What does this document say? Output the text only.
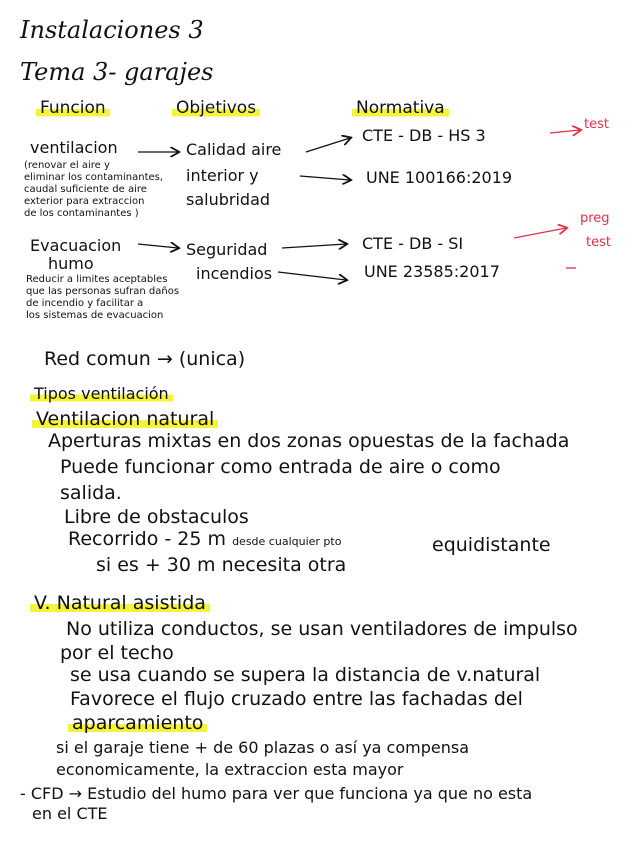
Instalaciones 3
Tema 3- garajes
Funcion	Objetivos	Normativa
ventilacion
(renovar el aire y
eliminar los contaminantes,
caudal suficiente de aire
exterior para extraccion
de los contaminantes )
Calidad aire
interior y
salubridad
CTE - DB - HS 3
UNE 100166:2019
test
Evacuacion
humo
Reducir a limites aceptables
que las personas sufran daños
de incendio y facilitar a
los sistemas de evacuacion
Seguridad
incendios
CTE - DB - SI
UNE 23585:2017
preg
test
Red comun → (unica)
Tipos ventilación
Ventilacion natural
Aperturas mixtas en dos zonas opuestas de la fachada
Puede funcionar como entrada de aire o como
salida.
Libre de obstaculos
Recorrido - 25 m desde cualquier pto
si es + 30 m necesita otra
equidistante
V. Natural asistida
No utiliza conductos, se usan ventiladores de impulso
por el techo
se usa cuando se supera la distancia de v.natural
Favorece el flujo cruzado entre las fachadas del
aparcamiento
si el garaje tiene + de 60 plazas o así ya compensa
economicamente, la extraccion esta mayor
- CFD → Estudio del humo para ver que funciona ya que no esta
en el CTE
